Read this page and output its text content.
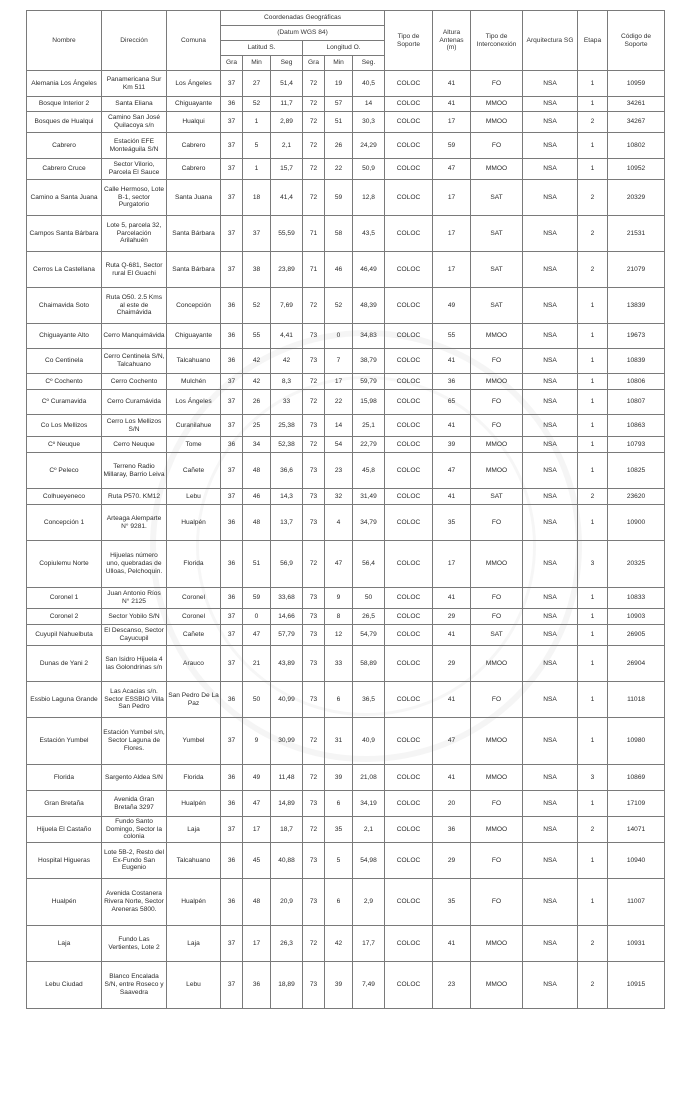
Nombre	Dirección	Comuna	Coordenadas Geográficas						Tipo de Soporte	Altura Antenas (m)	Tipo de Interconexión	Arquitectura SG	Etapa	Código de Soporte
			(Datum WGS 84)											
			Latitud S.			Longitud O.								
			Gra	Min	Seg	Gra	Min	Seg.						
Alemania Los Ángeles	Panamericana Sur Km 511	Los Ángeles	37	27	51,4	72	19	40,5	COLOC	41	FO	NSA	1	10959
Bosque Interior 2	Santa Eliana	Chiguayante	36	52	11,7	72	57	14	COLOC	41	MMOO	NSA	1	34261
Bosques de Hualqui	Camino San José Quilacoya s/n	Hualqui	37	1	2,89	72	51	30,3	COLOC	17	MMOO	NSA	2	34267
Cabrero	Estación EFE Monteáguila S/N	Cabrero	37	5	2,1	72	26	24,29	COLOC	59	FO	NSA	1	10802
Cabrero Cruce	Sector Vilorio, Parcela El Sauce	Cabrero	37	1	15,7	72	22	50,9	COLOC	47	MMOO	NSA	1	10952
Camino a Santa Juana	Calle Hermoso, Lote B-1, sector Purgatorio	Santa Juana	37	18	41,4	72	59	12,8	COLOC	17	SAT	NSA	2	20329
Campos Santa Bárbara	Lote 5, parcela 32, Parcelación Arilahuén	Santa Bárbara	37	37	55,59	71	58	43,5	COLOC	17	SAT	NSA	2	21531
Cerros La Castellana	Ruta Q-681, Sector rural El Guachi	Santa Bárbara	37	38	23,89	71	46	46,49	COLOC	17	SAT	NSA	2	21079
Chaimavida Soto	Ruta O50. 2.5 Kms al este de Chaimávida	Concepción	36	52	7,69	72	52	48,39	COLOC	49	SAT	NSA	1	13839
Chiguayante Alto	Cerro Manquimávida	Chiguayante	36	55	4,41	73	0	34,83	COLOC	55	MMOO	NSA	1	19673
Co Centinela	Cerro Centinela S/N, Talcahuano	Talcahuano	36	42	42	73	7	38,79	COLOC	41	FO	NSA	1	10839
Cº Cochento	Cerro Cochento	Mulchén	37	42	8,3	72	17	59,79	COLOC	36	MMOO	NSA	1	10806
Cº Curamavida	Cerro Curamávida	Los Ángeles	37	26	33	72	22	15,98	COLOC	65	FO	NSA	1	10807
Co Los Mellizos	Cerro Los Mellizos S/N	Curanilahue	37	25	25,38	73	14	25,1	COLOC	41	FO	NSA	1	10863
Cº Neuque	Cerro Neuque	Tome	36	34	52,38	72	54	22,79	COLOC	39	MMOO	NSA	1	10793
Cº Peleco	Terreno Radio Millaray, Barrio Leiva	Cañete	37	48	36,6	73	23	45,8	COLOC	47	MMOO	NSA	1	10825
Colhueyeneco	Ruta P570. KM12	Lebu	37	46	14,3	73	32	31,49	COLOC	41	SAT	NSA	2	23620
Concepción 1	Arteaga Alemparte N° 9281.	Hualpén	36	48	13,7	73	4	34,79	COLOC	35	FO	NSA	1	10900
Copiulemu Norte	Hijuelas número uno, quebradas de Ulloas, Pelchoquin.	Florida	36	51	56,9	72	47	56,4	COLOC	17	MMOO	NSA	3	20325
Coronel 1	Juan Antonio Ríos N° 2125	Coronel	36	59	33,68	73	9	50	COLOC	41	FO	NSA	1	10833
Coronel 2	Sector Yobilo S/N	Coronel	37	0	14,66	73	8	26,5	COLOC	29	FO	NSA	1	10903
Cuyupil Nahuelbuta	El Descanso, Sector Cayucupil	Cañete	37	47	57,79	73	12	54,79	COLOC	41	SAT	NSA	1	26905
Dunas de Yani 2	San Isidro Hijuela 4 las Golondrinas s/n	Arauco	37	21	43,89	73	33	58,89	COLOC	29	MMOO	NSA	1	26904
Essbio Laguna Grande	Las Acacias s/n. Sector ESSBIO Villa San Pedro	San Pedro De La Paz	36	50	40,99	73	6	36,5	COLOC	41	FO	NSA	1	11018
Estación Yumbel	Estación Yumbel s/n, Sector Laguna de Flores.	Yumbel	37	9	30,99	72	31	40,9	COLOC	47	MMOO	NSA	1	10980
Florida	Sargento Aldea S/N	Florida	36	49	11,48	72	39	21,08	COLOC	41	MMOO	NSA	3	10869
Gran Bretaña	Avenida Gran Bretaña 3297	Hualpén	36	47	14,89	73	6	34,19	COLOC	20	FO	NSA	1	17109
Hijuela El Castaño	Fundo Santo Domingo, Sector la colonia	Laja	37	17	18,7	72	35	2,1	COLOC	36	MMOO	NSA	2	14071
Hospital Higueras	Lote 5B-2, Resto del Ex-Fundo San Eugenio	Talcahuano	36	45	40,88	73	5	54,98	COLOC	29	FO	NSA	1	10940
Hualpén	Avenida Costanera Rivera Norte, Sector Areneras 5800.	Hualpén	36	48	20,9	73	6	2,9	COLOC	35	FO	NSA	1	11007
Laja	Fundo Las Vertientes, Lote 2	Laja	37	17	26,3	72	42	17,7	COLOC	41	MMOO	NSA	2	10931
Lebu Ciudad	Blanco Encalada S/N, entre Roseco y Saavedra	Lebu	37	36	18,89	73	39	7,49	COLOC	23	MMOO	NSA	2	10915
